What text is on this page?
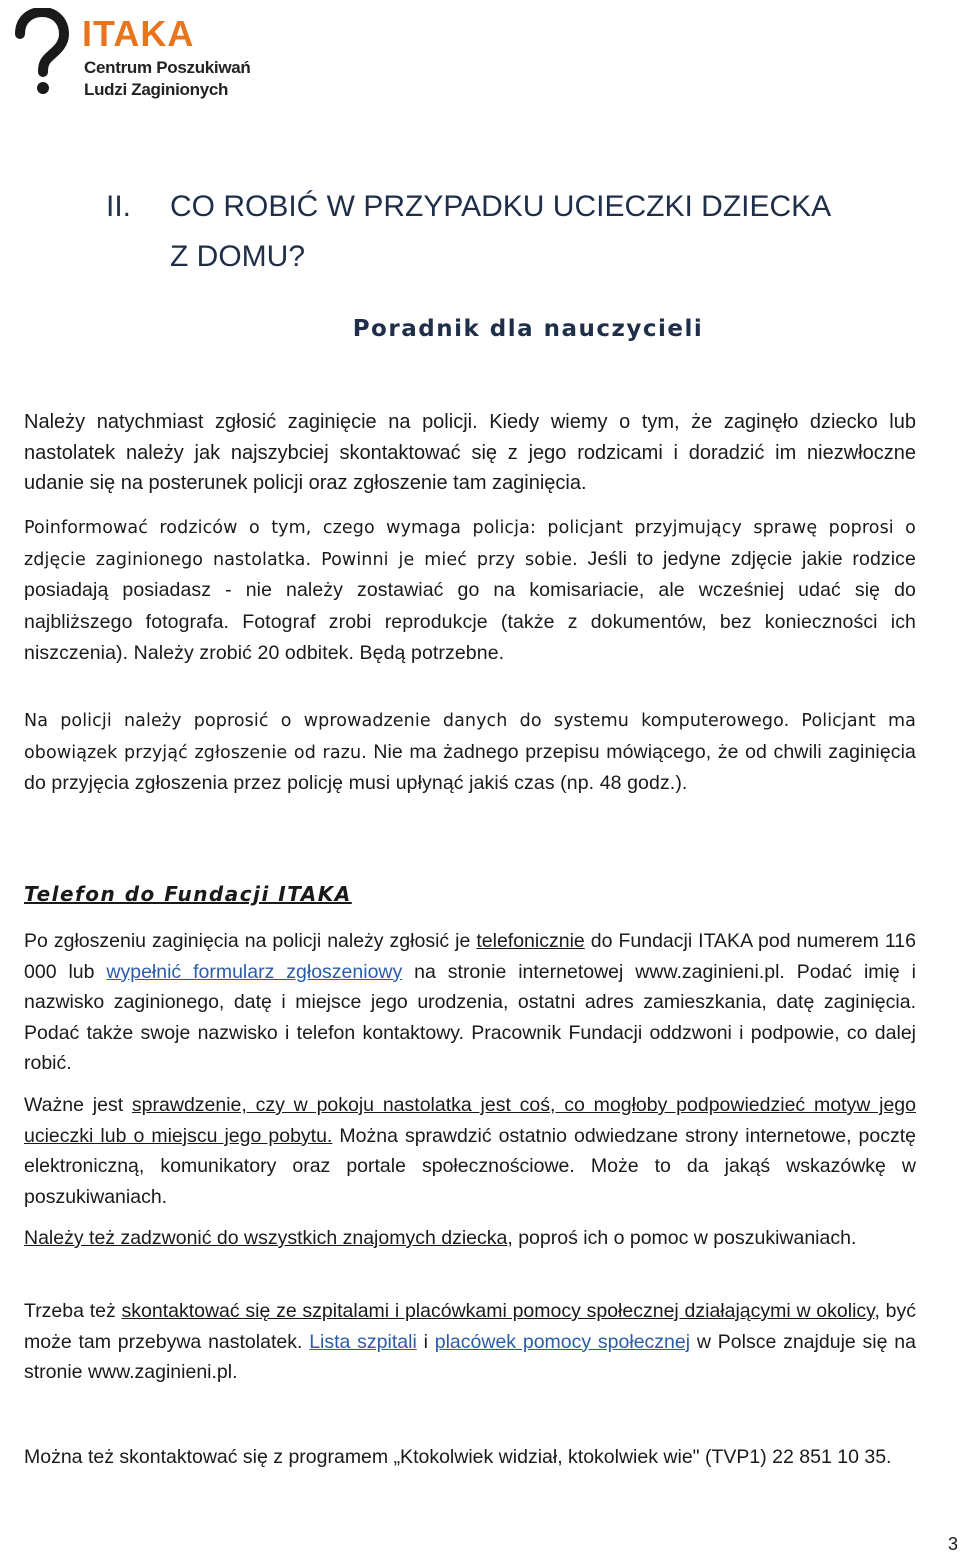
ITAKA
Centrum Poszukiwań
Ludzi Zaginionych
II. CO ROBIĆ W PRZYPADKU UCIECZKI DZIECKA
Z DOMU?
Poradnik dla nauczycieli

Należy natychmiast zgłosić zaginięcie na policji. Kiedy wiemy o tym, że zaginęło dziecko lub nastolatek należy jak najszybciej skontaktować się z jego rodzicami i doradzić im niezwłoczne udanie się na posterunek policji oraz zgłoszenie tam zaginięcia.

Poinformować rodziców o tym, czego wymaga policja: policjant przyjmujący sprawę poprosi o zdjęcie zaginionego nastolatka. Powinni je mieć przy sobie. Jeśli to jedyne zdjęcie jakie rodzice posiadają posiadasz - nie należy zostawiać go na komisariacie, ale wcześniej udać się do najbliższego fotografa. Fotograf zrobi reprodukcje (także z dokumentów, bez konieczności ich niszczenia). Należy zrobić 20 odbitek. Będą potrzebne.

Na policji należy poprosić o wprowadzenie danych do systemu komputerowego. Policjant ma obowiązek przyjąć zgłoszenie od razu. Nie ma żadnego przepisu mówiącego, że od chwili zaginięcia do przyjęcia zgłoszenia przez policję musi upłynąć jakiś czas (np. 48 godz.).

Telefon do Fundacji ITAKA

Po zgłoszeniu zaginięcia na policji należy zgłosić je telefonicznie do Fundacji ITAKA pod numerem 116 000 lub wypełnić formularz zgłoszeniowy na stronie internetowej www.zaginieni.pl. Podać imię i nazwisko zaginionego, datę i miejsce jego urodzenia, ostatni adres zamieszkania, datę zaginięcia. Podać także swoje nazwisko i telefon kontaktowy. Pracownik Fundacji oddzwoni i podpowie, co dalej robić.

Ważne jest sprawdzenie, czy w pokoju nastolatka jest coś, co mogłoby podpowiedzieć motyw jego ucieczki lub o miejscu jego pobytu. Można sprawdzić ostatnio odwiedzane strony internetowe, pocztę elektroniczną, komunikatory oraz portale społecznościowe. Może to da jakąś wskazówkę w poszukiwaniach.

Należy też zadzwonić do wszystkich znajomych dziecka, poproś ich o pomoc w poszukiwaniach.

Trzeba też skontaktować się ze szpitalami i placówkami pomocy społecznej działającymi w okolicy, być może tam przebywa nastolatek. Lista szpitali i placówek pomocy społecznej w Polsce znajduje się na stronie www.zaginieni.pl.

Można też skontaktować się z programem „Ktokolwiek widział, ktokolwiek wie" (TVP1) 22 851 10 35.

3
